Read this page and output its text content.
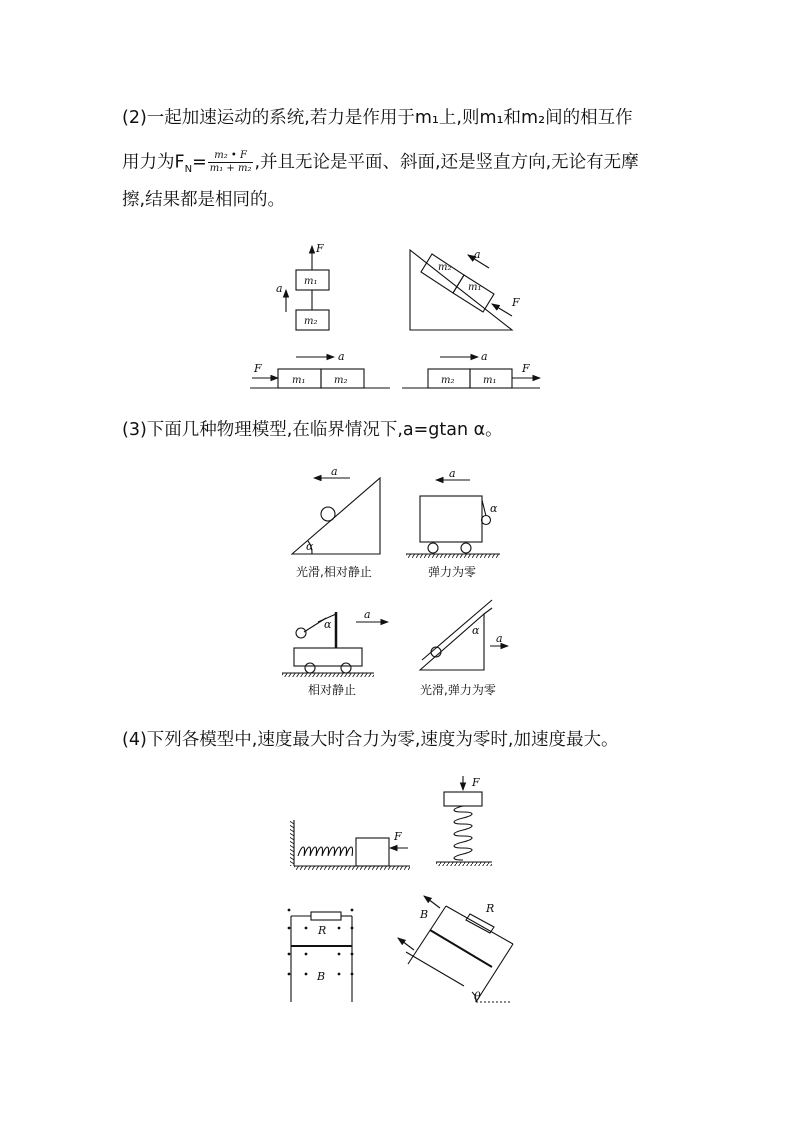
(2)一起加速运动的系统,若力是作用于m₁上,则m₁和m₂间的相互作
用力为$F_N= \frac{\text{m₂ • F}}{\text{m₁ + m₂}}$ ,并且无论是平面、斜面,还是竖直方向,无论有无摩
擦,结果都是相同的。
(3)下面几种物理模型,在临界情况下,a=gtan α。
(4)下列各模型中,速度最大时合力为零,速度为零时,加速度最大。
F
m₁
m₂
a
m₂
m₁
a
F
F
m₁	m₂
a
m₂	m₁
a
F
a
α
a
α
α
a
α
a
F
F
R
B
R
B
θ
光滑,相对静止	弹力为零
相对静止	光滑,弹力为零
